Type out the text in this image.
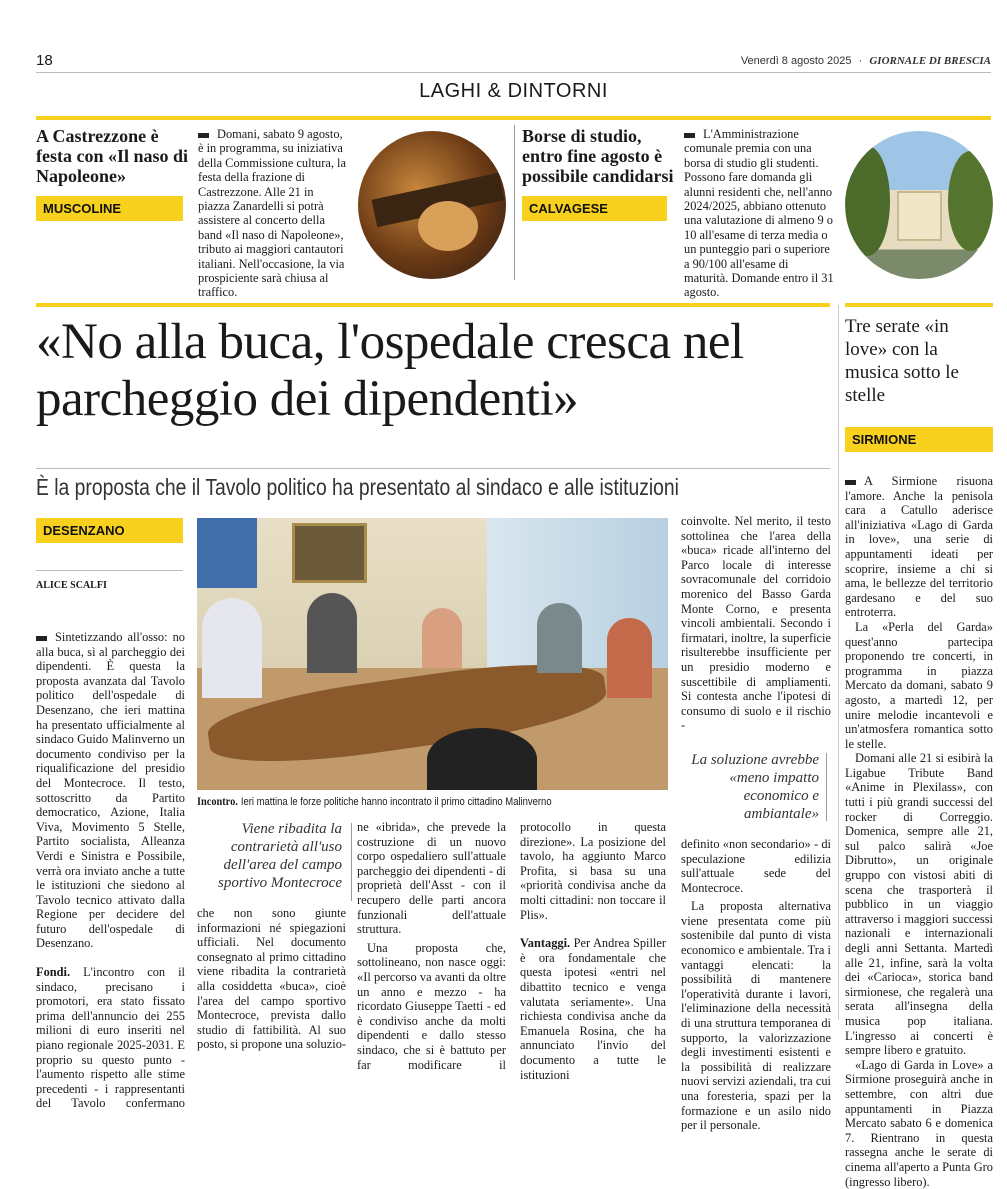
18	Venerdì 8 agosto 2025 · GIORNALE DI BRESCIA
LAGHI & DINTORNI
A Castrezzone è festa con «Il naso di Napoleone»
MUSCOLINE
Domani, sabato 9 agosto, è in programma, su iniziativa della Commissione cultura, la festa della frazione di Castrezzone. Alle 21 in piazza Zanardelli si potrà assistere al concerto della band «Il naso di Napoleone», tributo ai maggiori cantautori italiani. Nell'occasione, la via prospiciente sarà chiusa al traffico.
Borse di studio, entro fine agosto è possibile candidarsi
CALVAGESE
L'Amministrazione comunale premia con una borsa di studio gli studenti. Possono fare domanda gli alunni residenti che, nell'anno 2024/2025, abbiano ottenuto una valutazione di almeno 9 o 10 all'esame di terza media o un punteggio pari o superiore a 90/100 all'esame di maturità. Domande entro il 31 agosto.
«No alla buca, l'ospedale cresca nel parcheggio dei dipendenti»
È la proposta che il Tavolo politico ha presentato al sindaco e alle istituzioni
DESENZANO
ALICE SCALFI

Sintetizzando all'osso: no alla buca, sì al parcheggio dei dipendenti. È questa la proposta avanzata dal Tavolo politico dell'ospedale di Desenzano, che ieri mattina ha presentato ufficialmente al sindaco Guido Malinverno un documento condiviso per la riqualificazione del presidio del Montecroce. Il testo, sottoscritto da Partito democratico, Azione, Italia Viva, Movimento 5 Stelle, Partito socialista, Alleanza Verdi e Sinistra e Possibile, verrà ora inviato anche a tutte le istituzioni che siedono al Tavolo tecnico attivato dalla Regione per decidere del futuro dell'ospedale di Desenzano.

Fondi. L'incontro con il sindaco, precisano i promotori, era stato fissato prima dell'annuncio dei 255 milioni di euro inseriti nel piano regionale 2025-2031. E proprio su questo punto - l'aumento rispetto alle stime precedenti - i rappresentanti del Tavolo confermano

Incontro. Ieri mattina le forze politiche hanno incontrato il primo cittadino Malinverno
Viene ribadita la contrarietà all'uso dell'area del campo sportivo Montecroce

che non sono giunte informazioni né spiegazioni ufficiali. Nel documento consegnato al primo cittadino viene ribadita la contrarietà alla cosiddetta «buca», cioè l'area del campo sportivo Montecroce, prevista dallo studio di fattibilità. Al suo posto, si propone una soluzio-

ne «ibrida», che prevede la costruzione di un nuovo corpo ospedaliero sull'attuale parcheggio dei dipendenti - di proprietà dell'Asst - con il recupero delle parti ancora funzionali dell'attuale struttura.

Una proposta che, sottolineano, non nasce oggi: «Il percorso va avanti da oltre un anno e mezzo - ha ricordato Giuseppe Taetti - ed è condiviso anche da molti dipendenti e dallo stesso sindaco, che si è battuto per far modificare il

protocollo in questa direzione». La posizione del tavolo, ha aggiunto Marco Profita, si basa su una «priorità condivisa anche da molti cittadini: non toccare il Plis».

Vantaggi. Per Andrea Spiller è ora fondamentale che questa ipotesi «entri nel dibattito tecnico e venga valutata seriamente». Una richiesta condivisa anche da Emanuela Rosina, che ha annunciato l'invio del documento a tutte le istituzioni

coinvolte. Nel merito, il testo sottolinea che l'area della «buca» ricade all'interno del Parco locale di interesse sovracomunale del corridoio morenico del Basso Garda Monte Corno, e presenta vincoli ambientali. Secondo i firmatari, inoltre, la superficie risulterebbe insufficiente per un presidio moderno e suscettibile di ampliamenti. Si contesta anche l'ipotesi di consumo di suolo e il rischio -

La soluzione avrebbe «meno impatto economico e ambiantale»

definito «non secondario» - di speculazione edilizia sull'attuale sede del Montecroce.

La proposta alternativa viene presentata come più sostenibile dal punto di vista economico e ambientale. Tra i vantaggi elencati: la possibilità di mantenere l'operatività durante i lavori, l'eliminazione della necessità di una struttura temporanea di supporto, la valorizzazione degli investimenti esistenti e la possibilità di realizzare nuovi servizi aziendali, tra cui una foresteria, spazi per la formazione e un asilo nido per il personale.

Tre serate «in love» con la musica sotto le stelle
SIRMIONE

A Sirmione risuona l'amore. Anche la penisola cara a Catullo aderisce all'iniziativa «Lago di Garda in love», una serie di appuntamenti ideati per scoprire, insieme a chi si ama, le bellezze del territorio gardesano e del suo entroterra.

La «Perla del Garda» quest'anno partecipa proponendo tre concerti, in programma in piazza Mercato da domani, sabato 9 agosto, a martedì 12, per unire melodie incantevoli e un'atmosfera romantica sotto le stelle.

Domani alle 21 si esibirà la Ligabue Tribute Band «Anime in Plexilass», con tutti i più grandi successi del rocker di Correggio. Domenica, sempre alle 21, sul palco salirà «Joe Dibrutto», un originale gruppo con vistosi abiti di scena che trasporterà il pubblico in un viaggio attraverso i maggiori successi nazionali e internazionali degli anni Settanta. Martedì alle 21, infine, sarà la volta dei «Carioca», storica band sirmionese, che regalerà una serata all'insegna della musica pop italiana. L'ingresso ai concerti è sempre libero e gratuito.

«Lago di Garda in Love» a Sirmione proseguirà anche in settembre, con altri due appuntamenti in Piazza Mercato sabato 6 e domenica 7. Rientrano in questa rassegna anche le serate di cinema all'aperto a Punta Gro (ingresso libero).
